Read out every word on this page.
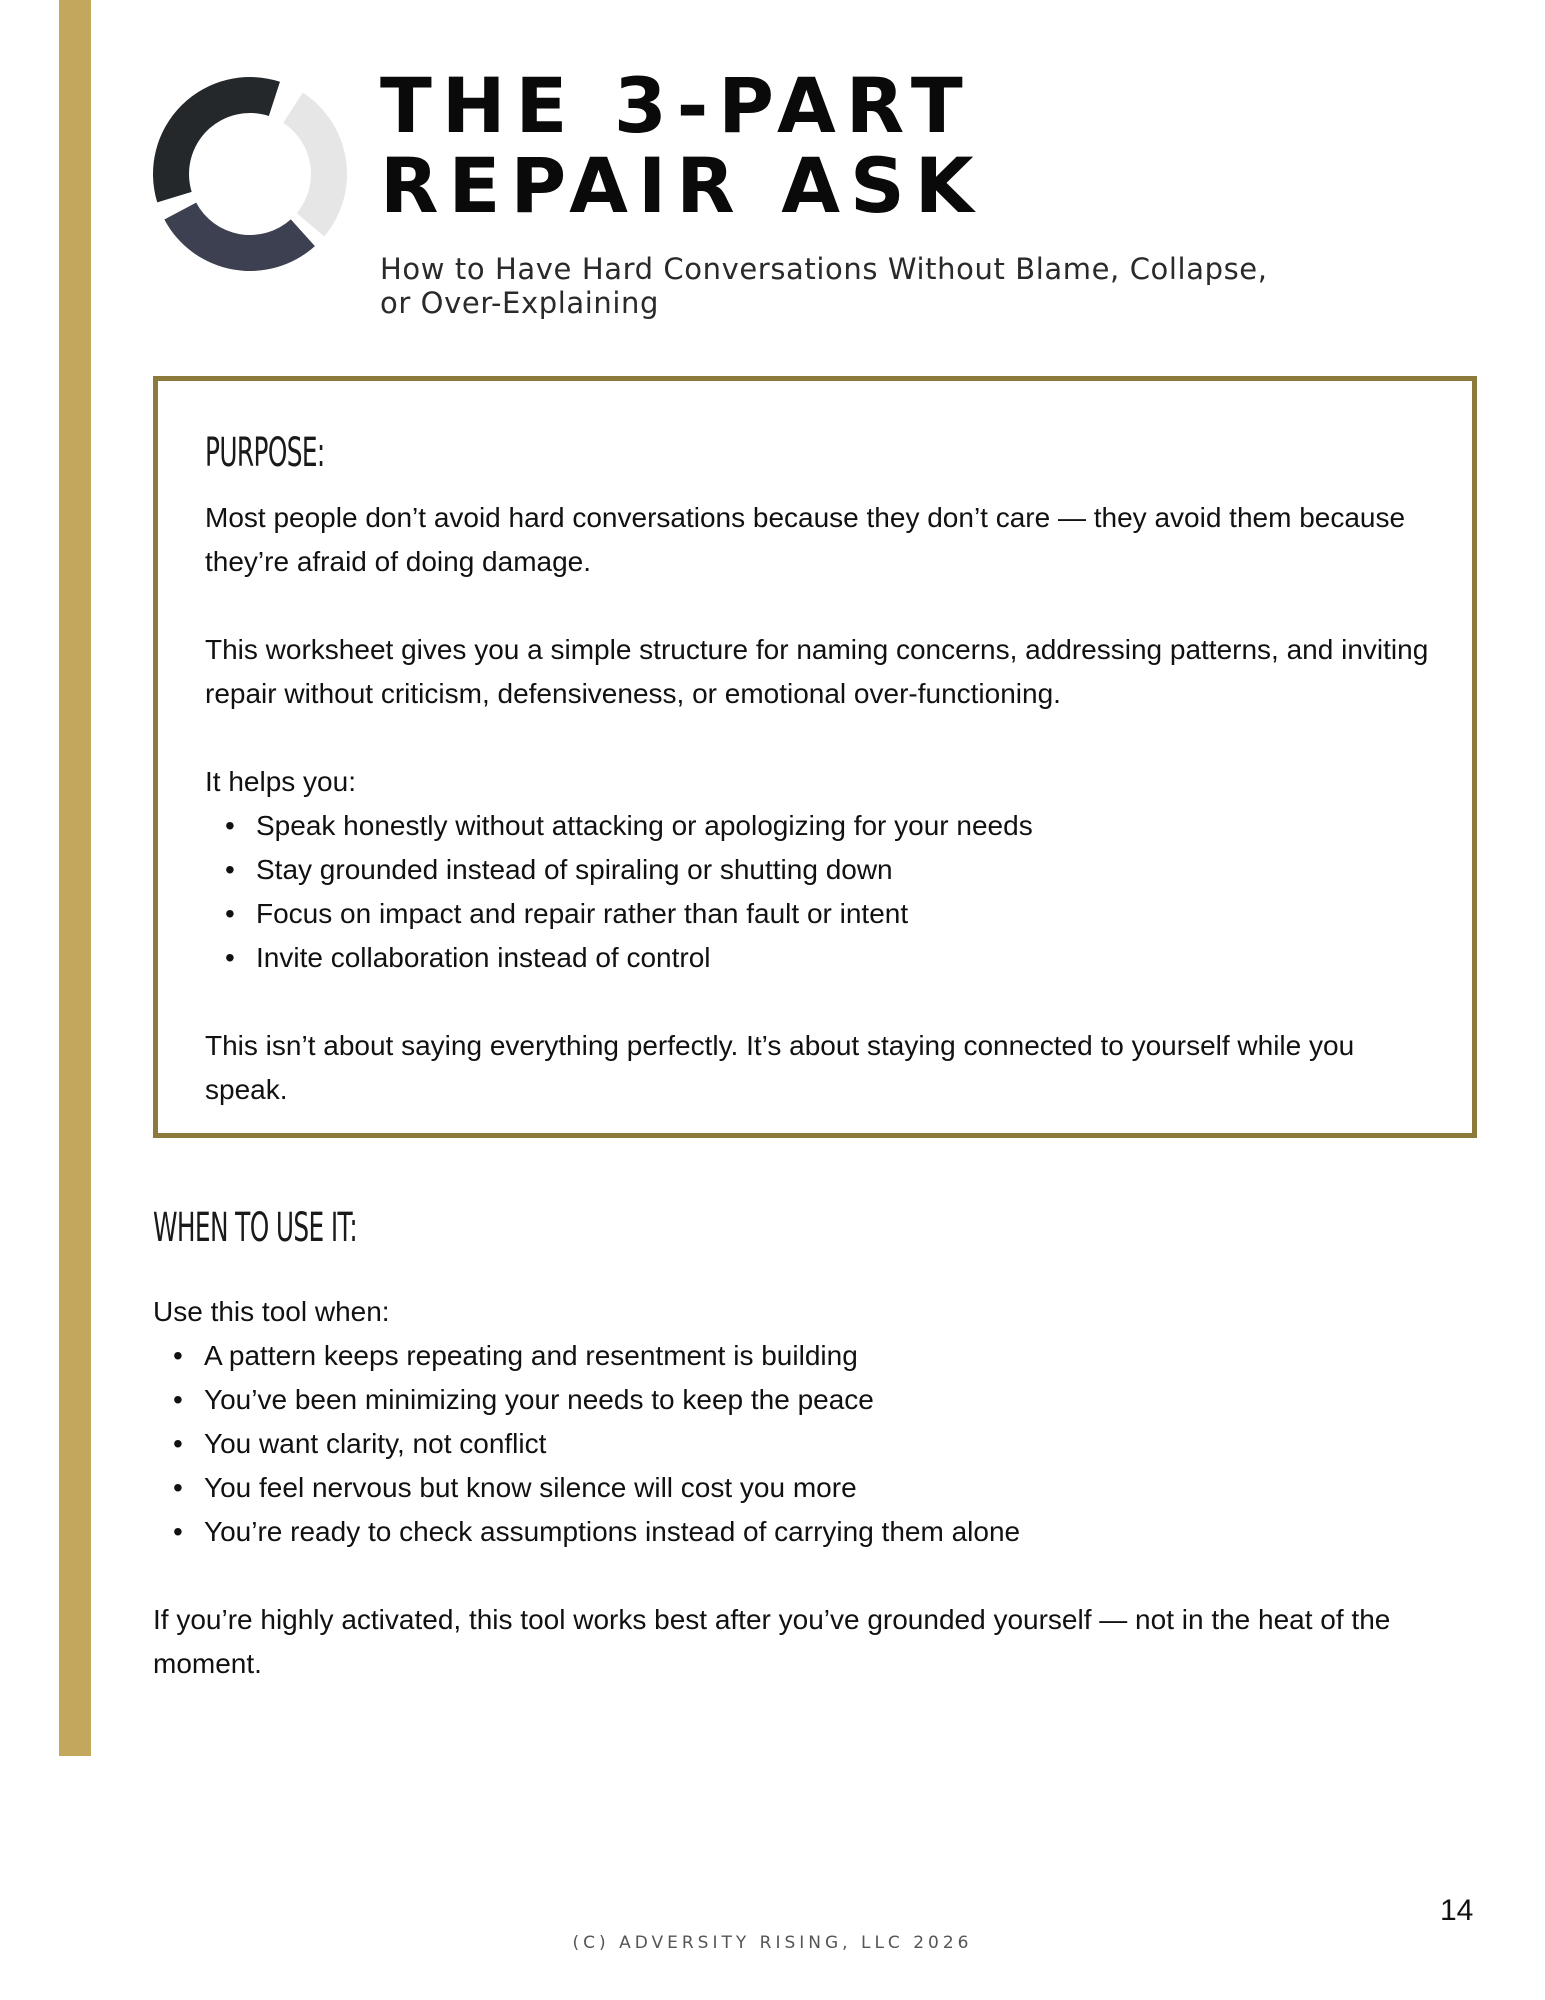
THE 3-PART
REPAIR ASK
How to Have Hard Conversations Without Blame, Collapse,
or Over-Explaining
PURPOSE:

Most people don’t avoid hard conversations because they don’t care — they avoid them because

they’re afraid of doing damage.

This worksheet gives you a simple structure for naming concerns, addressing patterns, and inviting

repair without criticism, defensiveness, or emotional over-functioning.

It helps you:

• Speak honestly without attacking or apologizing for your needs
• Stay grounded instead of spiraling or shutting down
• Focus on impact and repair rather than fault or intent
• Invite collaboration instead of control

This isn’t about saying everything perfectly. It’s about staying connected to yourself while you

speak.

WHEN TO USE IT:

Use this tool when:

• A pattern keeps repeating and resentment is building
• You’ve been minimizing your needs to keep the peace
• You want clarity, not conflict
• You feel nervous but know silence will cost you more
• You’re ready to check assumptions instead of carrying them alone

If you’re highly activated, this tool works best after you’ve grounded yourself — not in the heat of the

moment.

14
(C) ADVERSITY RISING, LLC 2026
